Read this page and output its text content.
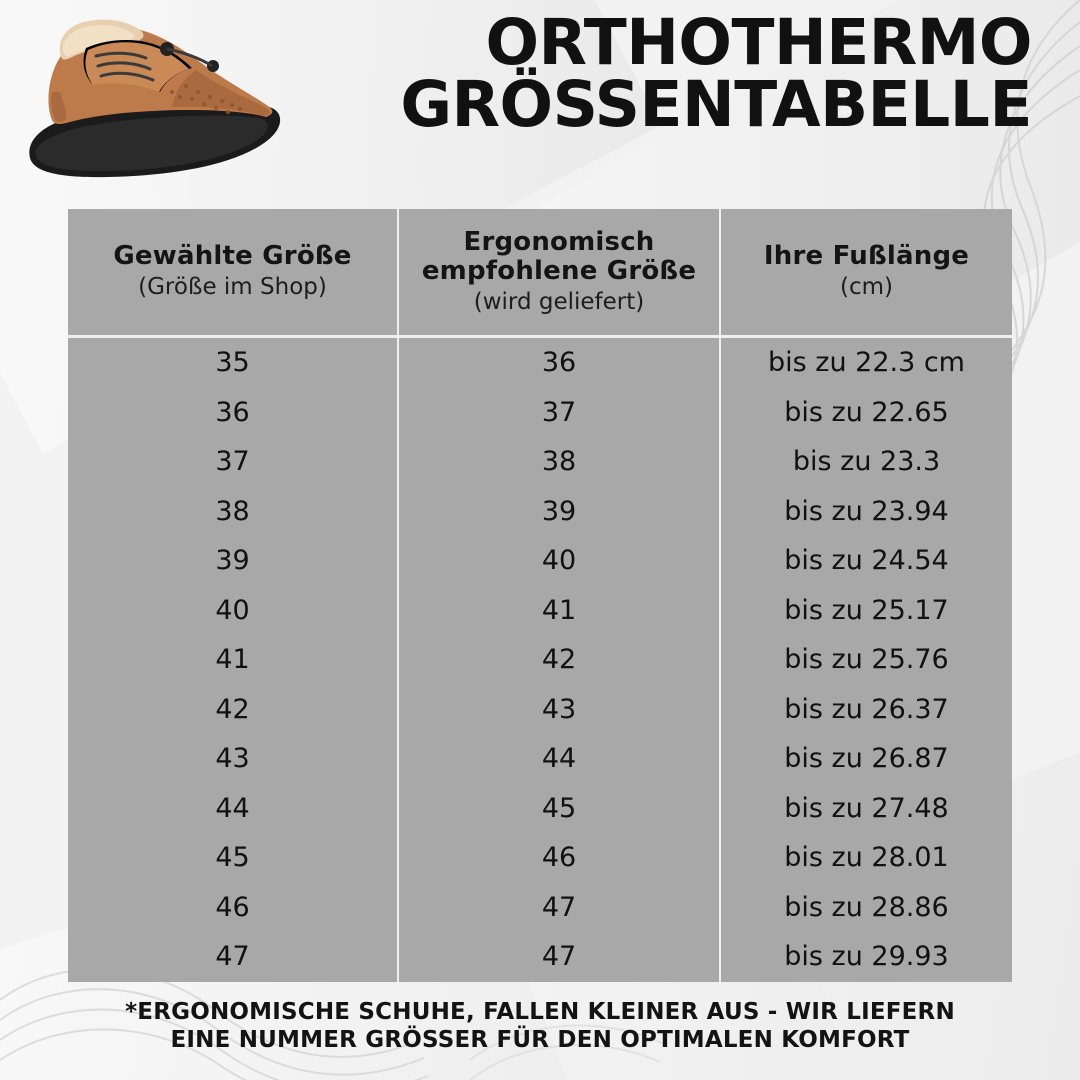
ORTHOTHERMO
GRÖSSENTABELLE
Gewählte Größe
(Größe im Shop)

Ergonomisch empfohlene Größe
(wird geliefert)

Ihre Fußlänge
(cm)

35	36	bis zu 22.3 cm
36	37	bis zu 22.65
37	38	bis zu 23.3
38	39	bis zu 23.94
39	40	bis zu 24.54
40	41	bis zu 25.17
41	42	bis zu 25.76
42	43	bis zu 26.37
43	44	bis zu 26.87
44	45	bis zu 27.48
45	46	bis zu 28.01
46	47	bis zu 28.86
47	47	bis zu 29.93
*ERGONOMISCHE SCHUHE, FALLEN KLEINER AUS - WIR LIEFERN
EINE NUMMER GRÖSSER FÜR DEN OPTIMALEN KOMFORT
